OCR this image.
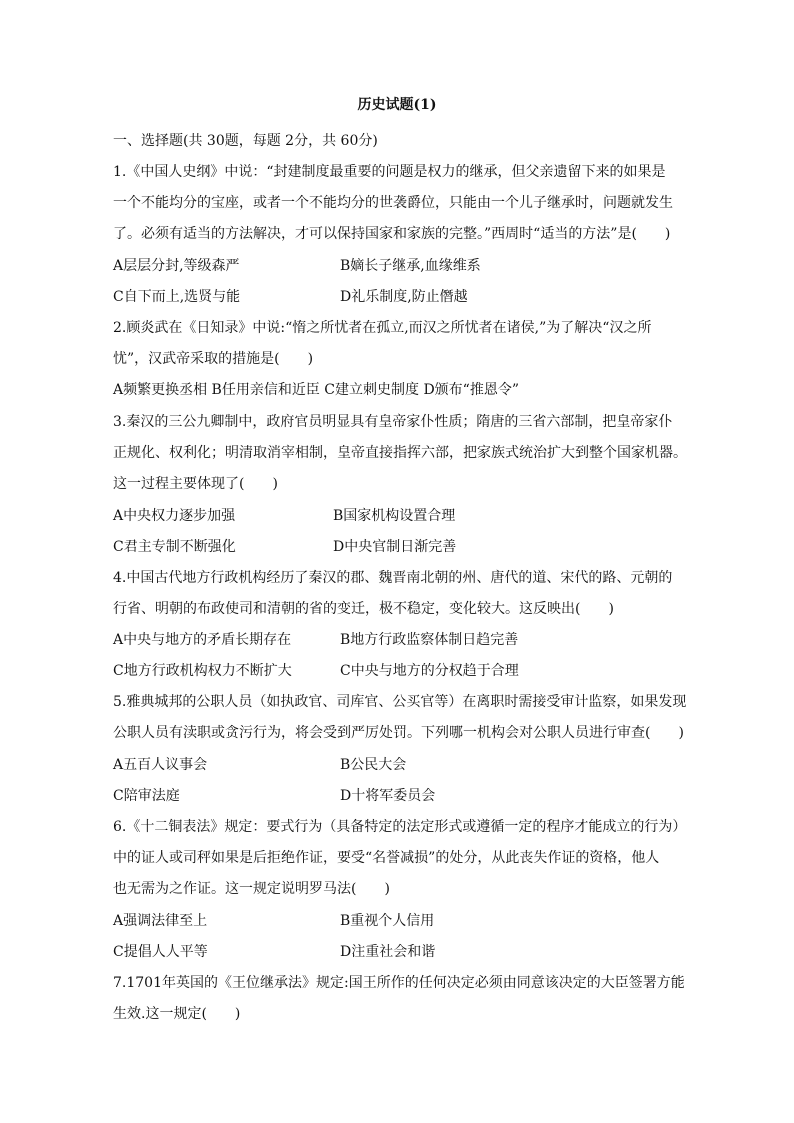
历史试题(1)
一、选择题(共 30题，每题 2分，共 60分)
1.《中国人史纲》中说：“封建制度最重要的问题是权力的继承，但父亲遗留下来的如果是
一个不能均分的宝座，或者一个不能均分的世袭爵位，只能由一个儿子继承时，问题就发生
了。必须有适当的方法解决，才可以保持国家和家族的完整。”西周时“适当的方法”是(　　)
A层层分封,等级森严	B嫡长子继承,血缘维系
C自下而上,选贤与能	D礼乐制度,防止僭越
2.顾炎武在《日知录》中说:“惰之所忧者在孤立,而汉之所忧者在诸侯,”为了解决“汉之所
忧”，汉武帝采取的措施是(　　)
A频繁更换丞相 B任用亲信和近臣 C建立刺史制度 D颁布“推恩令”
3.秦汉的三公九卿制中，政府官员明显具有皇帝家仆性质；隋唐的三省六部制，把皇帝家仆
正规化、权利化；明清取消宰相制，皇帝直接指挥六部，把家族式统治扩大到整个国家机器。
这一过程主要体现了(　　)
A中央权力逐步加强	B国家机构设置合理
C君主专制不断强化	D中央官制日渐完善
4.中国古代地方行政机构经历了秦汉的郡、魏晋南北朝的州、唐代的道、宋代的路、元朝的
行省、明朝的布政使司和清朝的省的变迁，极不稳定，变化较大。这反映出(　　)
A中央与地方的矛盾长期存在	B地方行政监察体制日趋完善
C地方行政机构权力不断扩大	C中央与地方的分权趋于合理
5.雅典城邦的公职人员（如执政官、司库官、公买官等）在离职时需接受审计监察，如果发现
公职人员有渎职或贪污行为，将会受到严厉处罚。下列哪一机构会对公职人员进行审查(　　)
A五百人议事会	B公民大会
C陪审法庭	D十将军委员会
6.《十二铜表法》规定：要式行为（具备特定的法定形式或遵循一定的程序才能成立的行为）
中的证人或司秤如果是后拒绝作证，要受“名誉减损”的处分，从此丧失作证的资格，他人
也无需为之作证。这一规定说明罗马法(　　)
A强调法律至上	B重视个人信用
C提倡人人平等	D注重社会和谐
7.1701年英国的《王位继承法》规定:国王所作的任何决定必须由同意该决定的大臣签署方能
生效.这一规定(　　)
